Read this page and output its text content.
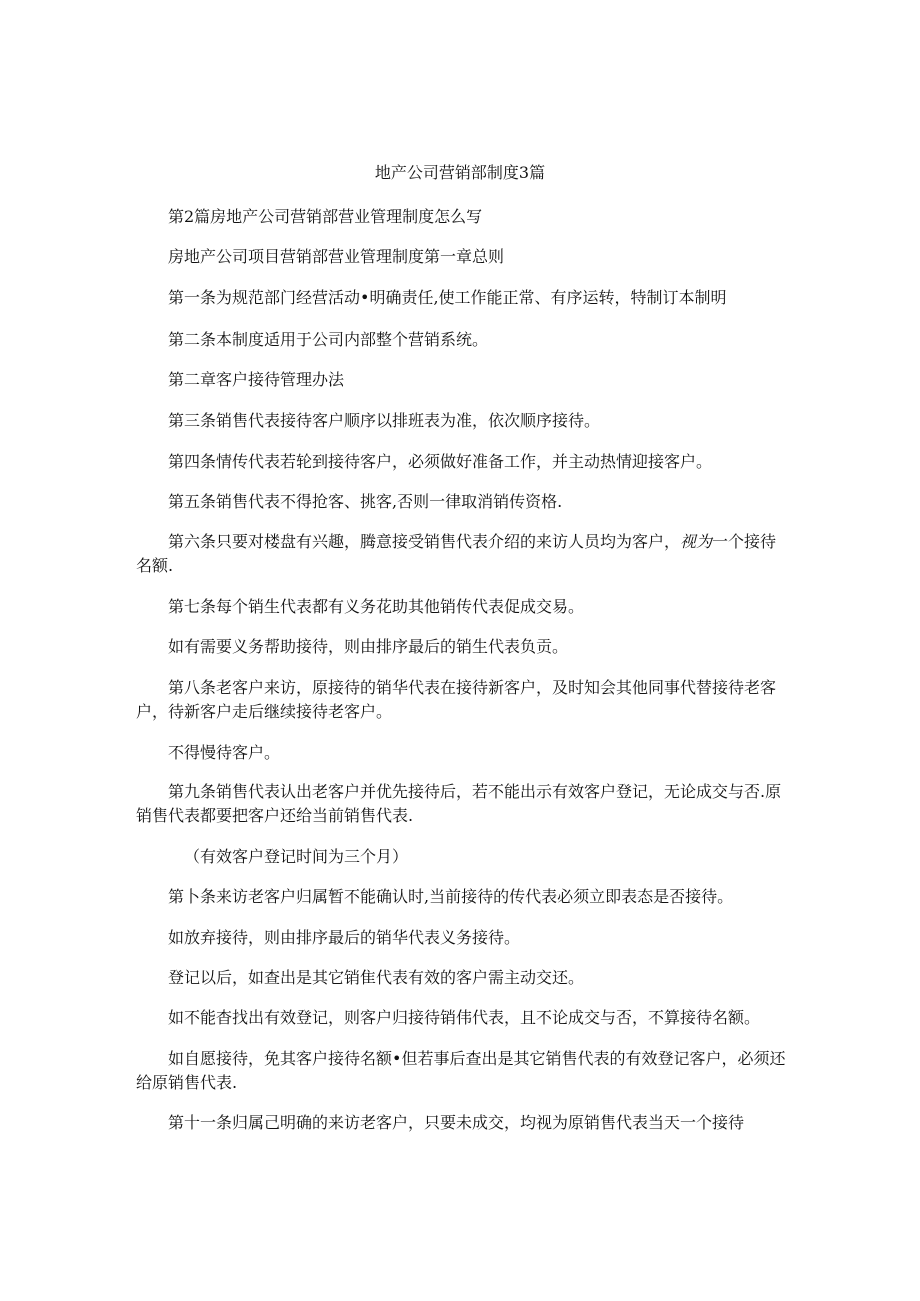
地产公司营销部制度3篇
第2篇房地产公司营销部营业管理制度怎么写
房地产公司项目营销部营业管理制度第一章总则
第一条为规范部门经营活动•明确责任,使工作能正常、有序运转，特制订本制明
第二条本制度适用于公司内部整个营销系统。
第二章客户接待管理办法
第三条销售代表接待客户顺序以排班表为准，依次顺序接待。
第四条情传代表若轮到接待客户，必须做好准备工作，并主动热情迎接客户。
第五条销售代表不得抢客、挑客,否则一律取消销传资格.
第六条只要对楼盘有兴趣，腾意接受销售代表介绍的来访人员均为客户，视为一个接待名额.
第七条每个销生代表都有义务花助其他销传代表促成交易。
如有需要义务帮助接待，则由排序最后的销生代表负贡。
第八条老客户来访，原接待的销华代表在接待新客户，及时知会其他同事代替接待老客户，待新客户走后继续接待老客户。
不得慢待客户。
第九条销售代表认出老客户并优先接待后，若不能出示有效客户登记，无论成交与否.原销售代表都要把客户还给当前销售代表.
（有效客户登记时间为三个月）
第卜条来访老客户归属暂不能确认时,当前接待的传代表必须立即表态是否接待。
如放弃接待，则由排序最后的销华代表义务接待。
登记以后，如查出是其它销隹代表有效的客户需主动交还。
如不能杳找出有效登记，则客户归接待销伟代表，且不论成交与否，不算接待名额。
如自愿接待，免其客户接待名额•但若事后查出是其它销售代表的有效登记客户，必须还给原销售代表.
第十一条归属己明确的来访老客户，只要未成交，均视为原销售代表当天一个接待
